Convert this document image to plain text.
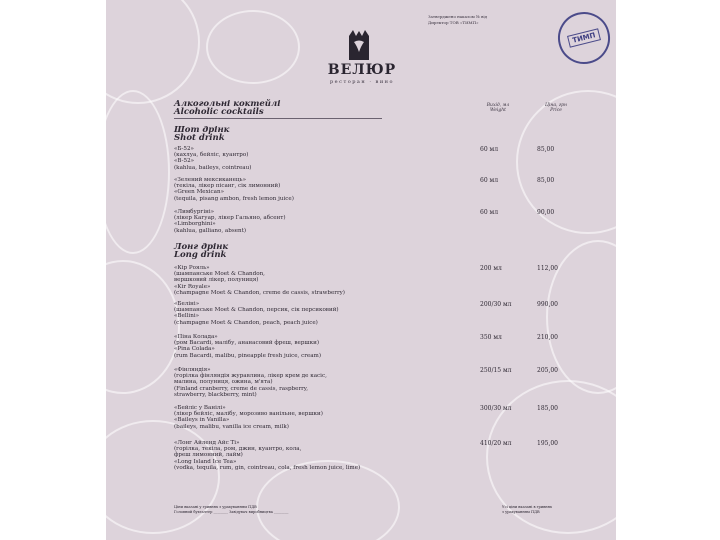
Затверджено наказом № від
Директор ТОВ «ТИМП»
ТИМП
ВЕЛЮР
ресторан · вино
Алкогольні коктейлі
Alcoholic cocktails
Вихід, мл
Weight
Ціна, грн
Price
Шот дрінк
Shot drink
Лонг дрінк
Long drink
«Б-52»
(кахлуа, бейліс, куантро)
«B-52»
(kahlua, baileys, cointreau)
60 мл	85,00
«Зелений мексиканець»
(текіла, лікер пісанг, сік лимонний)
«Green Mexican»
(tequila, pisang ambon, fresh lemon juice)
60 мл	85,00
«Лимбургіні»
(лікер Кагуар, лікер Гальяно, абсент)
«Limborghini»
(kahlua, galliano, absent)
60 мл	90,00
«Кір Рояль»
(шампанське Moet & Chandon,
вершковий лікер, полуниця)
«Kir Royale»
(champagne Moet & Chandon, creme de cassis, strawberry)
200 мл	112,00
«Беліні»
(шампанське Moet & Chandon, персик, сік персиковий)
«Bellini»
(champagne Moet & Chandon, peach, peach juice)
200/30 мл	990,00
«Піна Колада»
(ром Bacardi, малібу, ананасовий фреш, вершки)
«Pina Colada»
(rum Bacardi, malibu, pineapple fresh juice, cream)
350 мл	210,00
«Фінляндія»
(горілка фінляндія журавлина, лікер крем де касіс,
малина, полуниця, ожина, м'ята)
(Finland cranberry, creme de cassis, raspberry,
strawberry, blackberry, mint)
250/15 мл	205,00
«Бейліс у Ванілі»
(лікер бейліс, малібу, морозиво ванільне, вершки)
«Baileys in Vanilla»
(baileys, malibu, vanilla ice cream, milk)
300/30 мл	185,00
«Лонг Айленд Айс Ті»
(горілка, текіла, ром, джин, куантро, кола,
фреш лимонний, лайм)
«Long Island Ice Tea»
(vodka, tequila, rum, gin, cointreau, cola, fresh lemon juice, lime)
410/20 мл	195,00
Ціни вказані у гривнях з урахуванням ПДВ
Головний бухгалтер ________ Завідувач виробництва ________
Усі ціни вказані в гривнях
з урахуванням ПДВ
